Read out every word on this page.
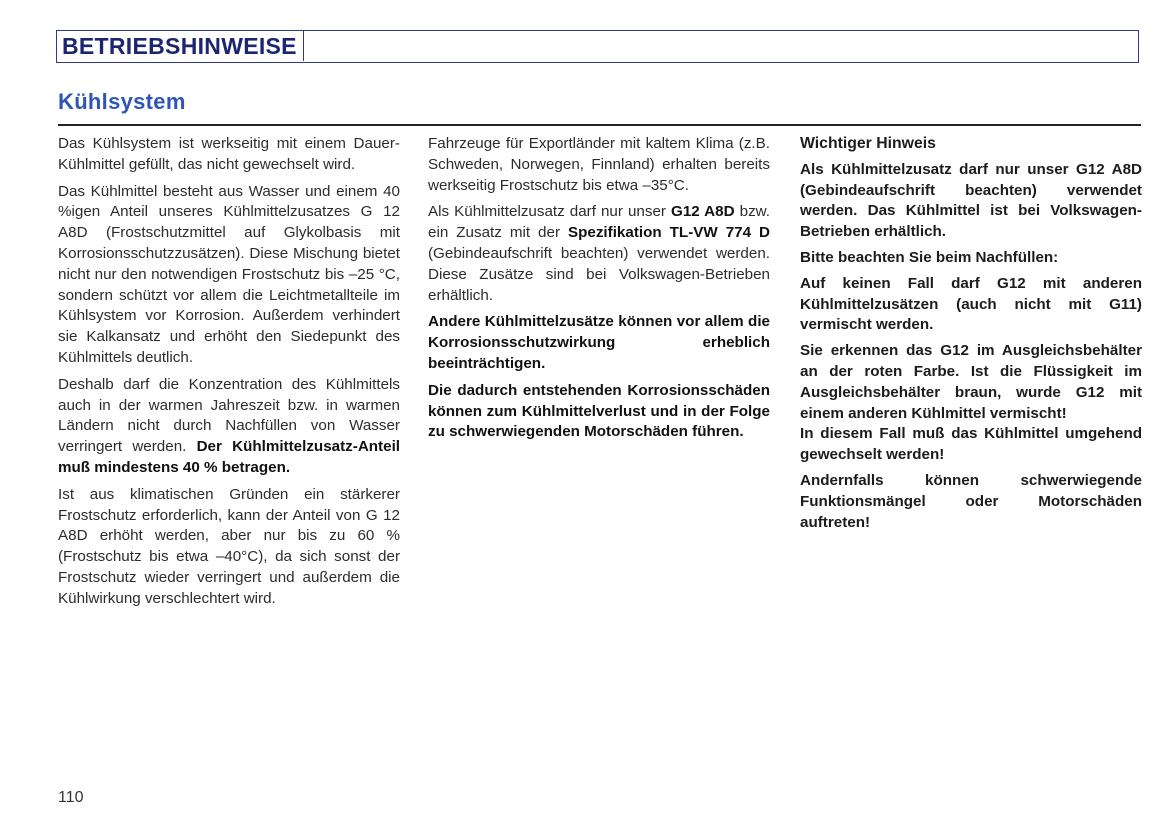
BETRIEBSHINWEISE
Kühlsystem

Das Kühlsystem ist werkseitig mit einem Dauer-Kühlmittel gefüllt, das nicht gewechselt wird.

Das Kühlmittel besteht aus Wasser und einem 40 %igen Anteil unseres Kühlmittelzusatzes G 12 A8D (Frostschutzmittel auf Glykolbasis mit Korrosionsschutzzusätzen). Diese Mischung bietet nicht nur den notwendigen Frostschutz bis –25 °C, sondern schützt vor allem die Leichtmetallteile im Kühlsystem vor Korrosion. Außerdem verhindert sie Kalkansatz und erhöht den Siedepunkt des Kühlmittels deutlich.

Deshalb darf die Konzentration des Kühlmittels auch in der warmen Jahreszeit bzw. in warmen Ländern nicht durch Nachfüllen von Wasser verringert werden. Der Kühlmittelzusatz-Anteil muß mindestens 40 % betragen.

Ist aus klimatischen Gründen ein stärkerer Frostschutz erforderlich, kann der Anteil von G 12 A8D erhöht werden, aber nur bis zu 60 % (Frostschutz bis etwa –40°C), da sich sonst der Frostschutz wieder verringert und außerdem die Kühlwirkung verschlechtert wird.

Fahrzeuge für Exportländer mit kaltem Klima (z.B. Schweden, Norwegen, Finnland) erhalten bereits werkseitig Frostschutz bis etwa –35°C.

Als Kühlmittelzusatz darf nur unser G12 A8D bzw. ein Zusatz mit der Spezifikation TL-VW 774 D (Gebindeaufschrift beachten) verwendet werden. Diese Zusätze sind bei Volkswagen-Betrieben erhältlich.

Andere Kühlmittelzusätze können vor allem die Korrosionsschutzwirkung erheblich beeinträchtigen.

Die dadurch entstehenden Korrosionsschäden können zum Kühlmittelverlust und in der Folge zu schwerwiegenden Motorschäden führen.

Wichtiger Hinweis

Als Kühlmittelzusatz darf nur unser G12 A8D (Gebindeaufschrift beachten) verwendet werden. Das Kühlmittel ist bei Volkswagen-Betrieben erhältlich.

Bitte beachten Sie beim Nachfüllen:

Auf keinen Fall darf G12 mit anderen Kühlmittelzusätzen (auch nicht mit G11) vermischt werden.

Sie erkennen das G12 im Ausgleichsbehälter an der roten Farbe. Ist die Flüssigkeit im Ausgleichsbehälter braun, wurde G12 mit einem anderen Kühlmittel vermischt!

In diesem Fall muß das Kühlmittel umgehend gewechselt werden!

Andernfalls können schwerwiegende Funktionsmängel oder Motorschäden auftreten!

110
